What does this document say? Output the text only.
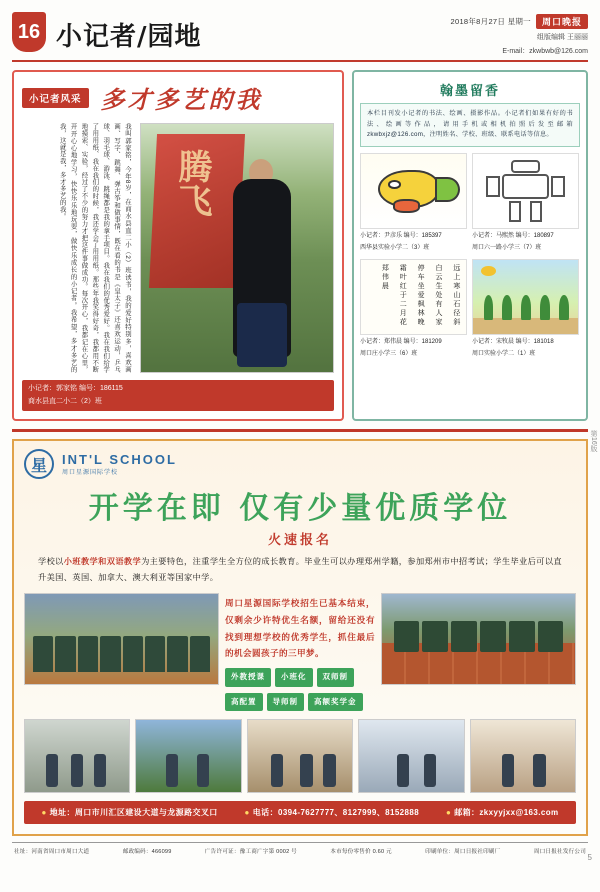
16 小记者/园地
2018年8月27日 星期一	周口晚报
组版编辑 王丽丽
E-mail：zkwbwb@126.com
小记者风采 多才多艺的我
我叫郭家铭，今年8岁，在商水县直二小（2）班读书，我的爱好特别多，喜欢画画、写字、跳舞、弹古筝和做事情，既在看的书是《皇太子》还喜欢运动，乒乓球、羽毛球、游泳、跳绳都是我的拿手项目。我在我们的优秀爱好。我在我们给学了用用纸、我在我们的时候，我还学会了用用纸。那些年我笑得好奇，我都用不断地摸索、实验，经过了不少的努力才把这件事做成功。每次开心，我都记在心里，开开心心地学习，快快乐乐地玩耍，做快乐成长的小记者。我希望，多才多艺的我，这就是我，多才多艺的我。	腾飞
小记者：郭家铭 编号：186115
商水县直二小二（2）班
翰墨留香
本栏目刊发小记者的书法、绘画、摄影作品。小记者们如果有好的书法、绘画等作品，请用手机或相机拍照后发至邮箱 zkwbxjz@126.com，注明姓名、学校、班级、联系电话等信息。
小记者：尹彦乐 编号：185397
西华县实验小学二（3）班
小记者：马熙然 编号：180897
周口六一路小学三（7）班
远上寒山石径斜
白云生处有人家
停车坐爱枫林晚
霜叶红于二月花
郑伟晨
小记者：郑伟晨 编号：181209
周口庄小学三（6）班
小记者：宋牧晨 编号：181018
周口实验小学二（1）班
星	INT'L SCHOOL
周口星源国际学校
开学在即 仅有少量优质学位
火速报名
学校以小班教学和双语教学为主要特色，注重学生全方位的成长教育。毕业生可以办理郑州学籍，参加郑州市中招考试；学生毕业后可以直升美国、英国、加拿大、澳大利亚等国家中学。
周口星源国际学校招生已基本结束，仅剩余少许特优生名额，留给还没有找到理想学校的优秀学生，抓住最后的机会圆孩子的三甲梦。
外教授课	小班化	双师制
高配置	导师制	高额奖学金
● 地址：周口市川汇区建设大道与龙源路交叉口	● 电话：0394-7627777、8127999、8152888	● 邮箱：zkxyyjxx@163.com
社址：河南省周口市周口大道	邮政编码：466099	广告许可证：豫工商广字第 0002 号	本市每份零售价 0.60 元	印刷单位：周口日报社印刷厂	周口日报社发行公司
第16版
5
